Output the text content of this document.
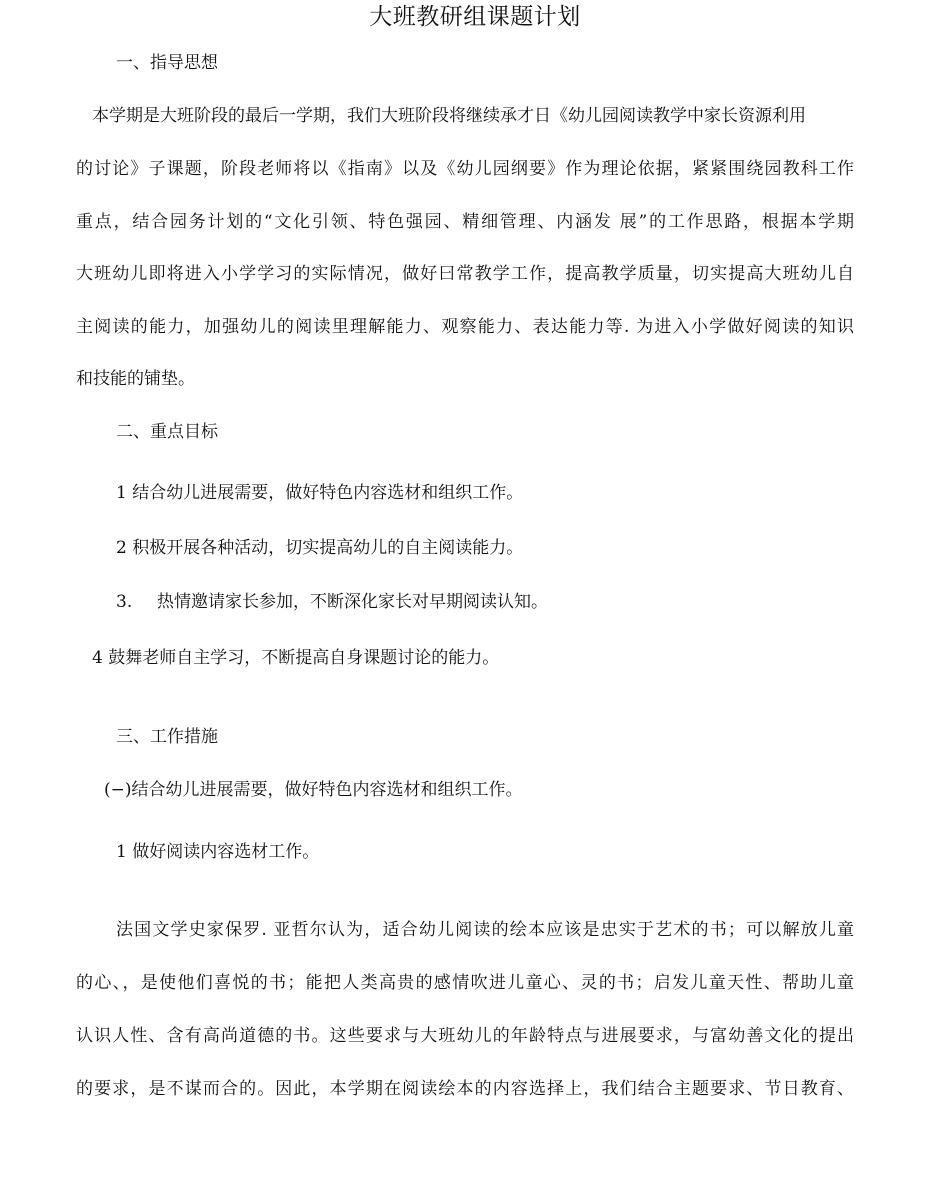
大班教研组课题计划
一、指导思想
本学期是大班阶段的最后一学期，我们大班阶段将继续承才日《幼儿园阅读教学中家长资源利用
的讨论》子课题，阶段老师将以《指南》以及《幼儿园纲要》作为理论依据，紧紧围绕园教科工作
重点，结合园务计划的“文化引领、特色强园、精细管理、内涵发 展”的工作思路，根据本学期
大班幼儿即将进入小学学习的实际情况，做好曰常教学工作，提高教学质量，切实提高大班幼儿自
主阅读的能力，加强幼儿的阅读里理解能力、观察能力、表达能力等. 为进入小学做好阅读的知识
和技能的铺垫。
二、重点目标
1 结合幼儿进展需要，做好特色内容选材和组织工作。
2 积极开展各种活动，切实提高幼儿的自主阅读能力。
3. 热情邀请家长参加，不断深化家长对早期阅读认知。
4 鼓舞老师自主学习，不断提高自身课题讨论的能力。
三、工作措施
(−)结合幼儿进展需要，做好特色内容选材和组织工作。
1 做好阅读内容选材工作。
法国文学史家保罗. 亚哲尔认为，适合幼儿阅读的绘本应该是忠实于艺术的书；可以解放儿童
的心、，是使他们喜悦的书；能把人类高贵的感情吹进儿童心、灵的书；启发儿童天性、帮助儿童
认识人性、含有高尚道德的书。这些要求与大班幼儿的年龄特点与进展要求，与富幼善文化的提出
的要求，是不谋而合的。因此，本学期在阅读绘本的内容选择上，我们结合主题要求、节日教育、
